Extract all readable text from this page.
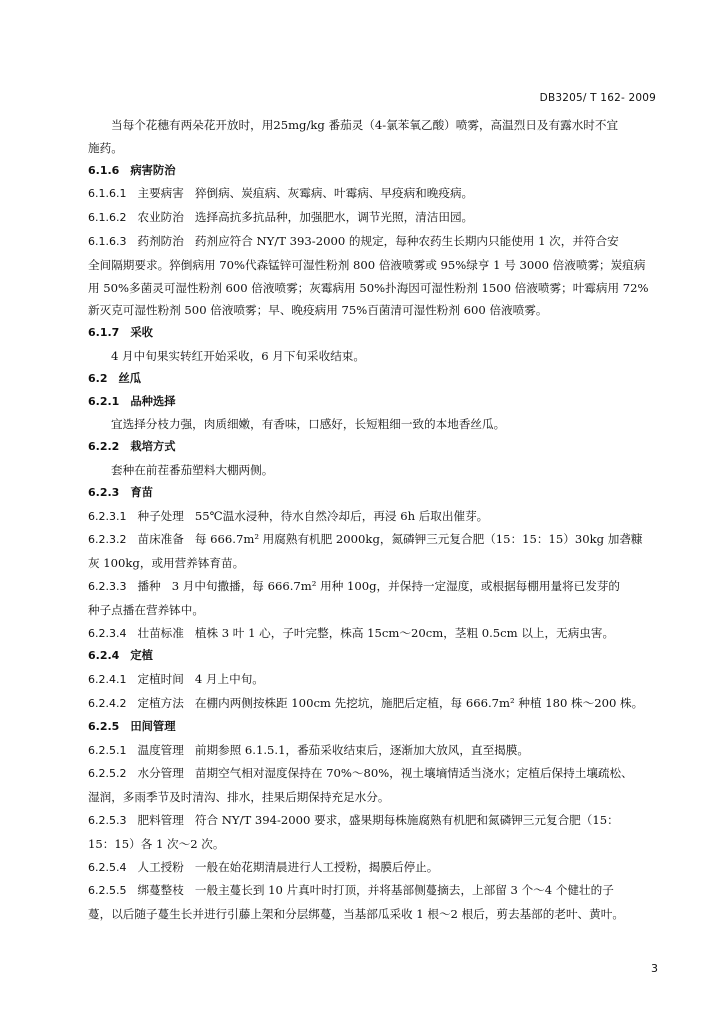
DB3205/ T 162- 2009
当每个花穗有两朵花开放时，用25mg/kg 番茄灵（4-氯苯氧乙酸）喷雾，高温烈日及有露水时不宜
施药。
6.1.6 病害防治
6.1.6.1 主要病害 猝倒病、炭疽病、灰霉病、叶霉病、早疫病和晚疫病。
6.1.6.2 农业防治 选择高抗多抗品种，加强肥水，调节光照，清洁田园。
6.1.6.3 药剂防治 药剂应符合 NY/T 393-2000 的规定，每种农药生长期内只能使用 1 次，并符合安
全间隔期要求。猝倒病用 70%代森锰锌可湿性粉剂 800 倍液喷雾或 95%绿亨 1 号 3000 倍液喷雾；炭疽病
用 50%多菌灵可湿性粉剂 600 倍液喷雾；灰霉病用 50%扑海因可湿性粉剂 1500 倍液喷雾；叶霉病用 72%
新灭克可湿性粉剂 500 倍液喷雾；早、晚疫病用 75%百菌清可湿性粉剂 600 倍液喷雾。
6.1.7 采收
4 月中旬果实转红开始采收，6 月下旬采收结束。
6.2 丝瓜
6.2.1 品种选择
宜选择分枝力强，肉质细嫩，有香味，口感好，长短粗细一致的本地香丝瓜。
6.2.2 栽培方式
套种在前茬番茄塑料大棚两侧。
6.2.3 育苗
6.2.3.1 种子处理 55℃温水浸种，待水自然冷却后，再浸 6h 后取出催芽。
6.2.3.2 苗床准备 每 666.7m² 用腐熟有机肥 2000kg，氮磷钾三元复合肥（15：15：15）30kg 加砻糠
灰 100kg，或用营养钵育苗。
6.2.3.3 播种 3 月中旬撒播，每 666.7m² 用种 100g，并保持一定湿度，或根据每棚用量将已发芽的
种子点播在营养钵中。
6.2.3.4 壮苗标准 植株 3 叶 1 心，子叶完整，株高 15cm～20cm，茎粗 0.5cm 以上，无病虫害。
6.2.4 定植
6.2.4.1 定植时间 4 月上中旬。
6.2.4.2 定植方法 在棚内两侧按株距 100cm 先挖坑，施肥后定植，每 666.7m² 种植 180 株～200 株。
6.2.5 田间管理
6.2.5.1 温度管理 前期参照 6.1.5.1，番茄采收结束后，逐渐加大放风，直至揭膜。
6.2.5.2 水分管理 苗期空气相对湿度保持在 70%～80%，视土壤墒情适当浇水；定植后保持土壤疏松、
湿润，多雨季节及时清沟、排水，挂果后期保持充足水分。
6.2.5.3 肥料管理 符合 NY/T 394-2000 要求，盛果期每株施腐熟有机肥和氮磷钾三元复合肥（15：
15：15）各 1 次～2 次。
6.2.5.4 人工授粉 一般在始花期清晨进行人工授粉，揭膜后停止。
6.2.5.5 绑蔓整枝 一般主蔓长到 10 片真叶时打顶，并将基部侧蔓摘去，上部留 3 个～4 个健壮的子
蔓，以后随子蔓生长并进行引藤上架和分层绑蔓，当基部瓜采收 1 根～2 根后，剪去基部的老叶、黄叶。
3
